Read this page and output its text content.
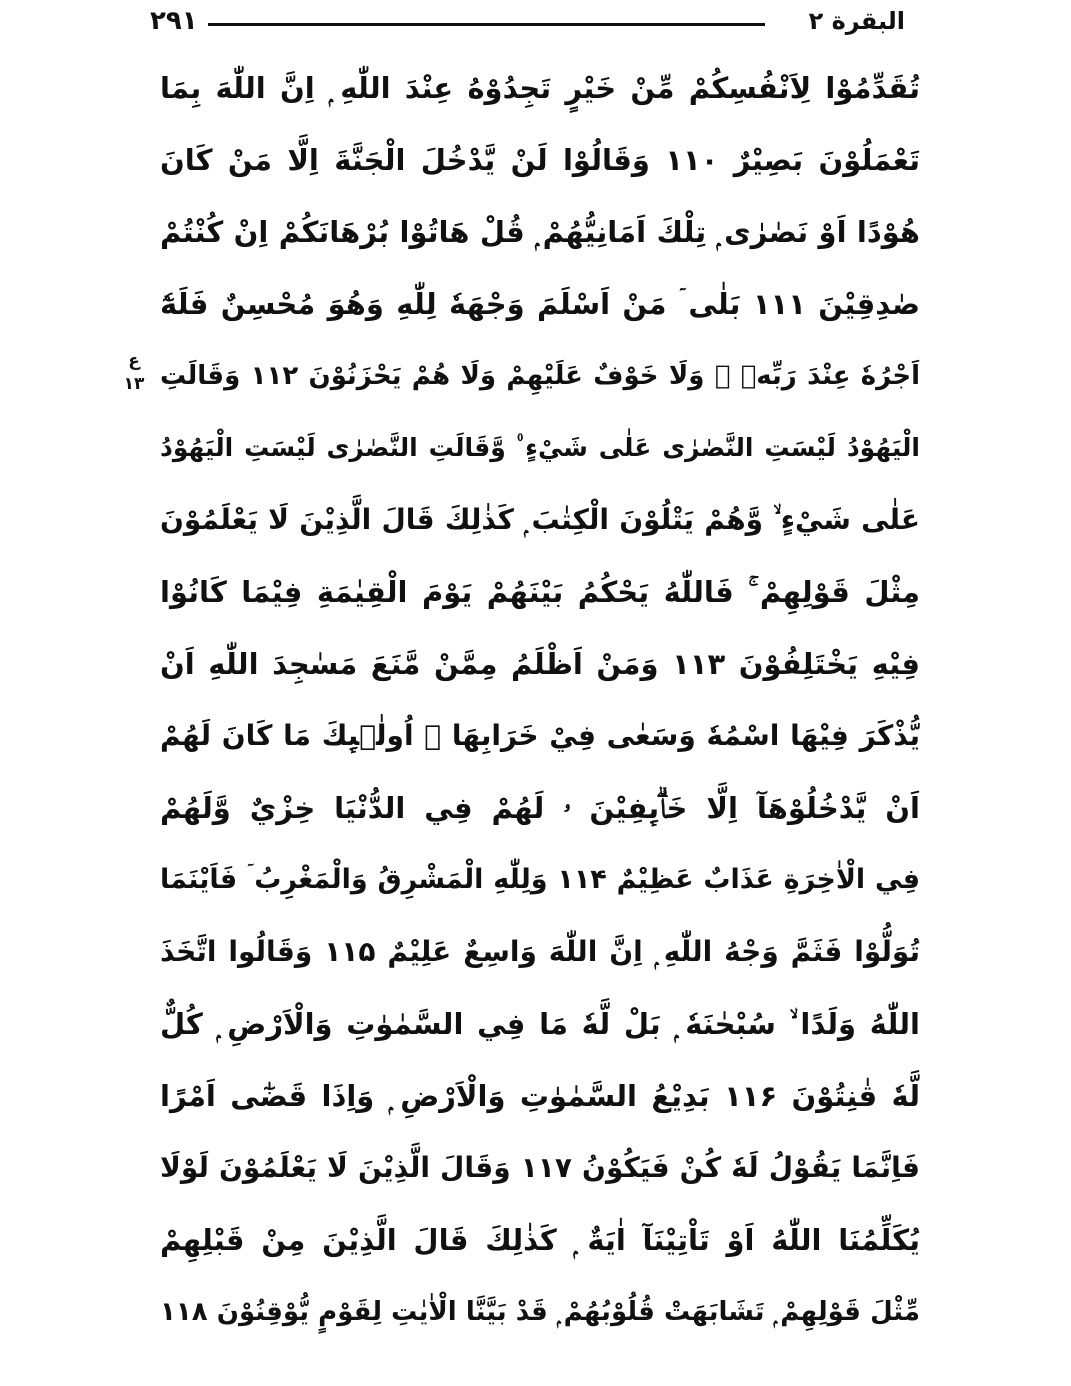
۲۹۱	البقرة ۲
ع
۱۳
تُقَدِّمُوْا لِاَنْفُسِكُمْ مِّنْ خَيْرٍ تَجِدُوْهُ عِنْدَ اللّٰهِ ۭ اِنَّ اللّٰهَ بِمَا
تَعْمَلُوْنَ بَصِيْرٌ ۱۱۰ وَقَالُوْا لَنْ يَّدْخُلَ الْجَنَّةَ اِلَّا مَنْ كَانَ
هُوْدًا اَوْ نَصٰرٰى ۭ تِلْكَ اَمَانِيُّهُمْ ۭ قُلْ هَاتُوْا بُرْهَانَكُمْ اِنْ كُنْتُمْ
صٰدِقِيْنَ ۱۱۱ بَلٰى ۤ مَنْ اَسْلَمَ وَجْهَهٗ لِلّٰهِ وَهُوَ مُحْسِنٌ فَلَهٗٓ
اَجْرُهٗ عِنْدَ رَبِّهٖ ۠ وَلَا خَوْفٌ عَلَيْهِمْ وَلَا هُمْ يَحْزَنُوْنَ ۱۱۲ وَقَالَتِ
الْيَهُوْدُ لَيْسَتِ النَّصٰرٰى عَلٰى شَيْءٍ ۠ وَّقَالَتِ النَّصٰرٰى لَيْسَتِ الْيَهُوْدُ
عَلٰى شَيْءٍ ۙ وَّهُمْ يَتْلُوْنَ الْكِتٰبَ ۭ كَذٰلِكَ قَالَ الَّذِيْنَ لَا يَعْلَمُوْنَ
مِثْلَ قَوْلِهِمْ ۚ فَاللّٰهُ يَحْكُمُ بَيْنَهُمْ يَوْمَ الْقِيٰمَةِ فِيْمَا كَانُوْا
فِيْهِ يَخْتَلِفُوْنَ ۱۱۳ وَمَنْ اَظْلَمُ مِمَّنْ مَّنَعَ مَسٰجِدَ اللّٰهِ اَنْ
يُّذْكَرَ فِيْهَا اسْمُهٗ وَسَعٰى فِيْ خَرَابِهَا ۭ اُولٰۗىِٕكَ مَا كَانَ لَهُمْ
اَنْ يَّدْخُلُوْهَآ اِلَّا خَاۗىِٕفِيْنَ ۥ لَهُمْ فِي الدُّنْيَا خِزْيٌ وَّلَهُمْ
فِي الْاٰخِرَةِ عَذَابٌ عَظِيْمٌ ۱۱۴ وَلِلّٰهِ الْمَشْرِقُ وَالْمَغْرِبُ ۤ فَاَيْنَمَا
تُوَلُّوْا فَثَمَّ وَجْهُ اللّٰهِ ۭ اِنَّ اللّٰهَ وَاسِعٌ عَلِيْمٌ ۱۱۵ وَقَالُوا اتَّخَذَ
اللّٰهُ وَلَدًا ۙ سُبْحٰنَهٗ ۭ بَلْ لَّهٗ مَا فِي السَّمٰوٰتِ وَالْاَرْضِ ۭ كُلٌّ
لَّهٗ قٰنِتُوْنَ ۱۱۶ بَدِيْعُ السَّمٰوٰتِ وَالْاَرْضِ ۭ وَاِذَا قَضٰٓى اَمْرًا
فَاِنَّمَا يَقُوْلُ لَهٗ كُنْ فَيَكُوْنُ ۱۱۷ وَقَالَ الَّذِيْنَ لَا يَعْلَمُوْنَ لَوْلَا
يُكَلِّمُنَا اللّٰهُ اَوْ تَاْتِيْنَآ اٰيَةٌ ۭ كَذٰلِكَ قَالَ الَّذِيْنَ مِنْ قَبْلِهِمْ
مِّثْلَ قَوْلِهِمْ ۭ تَشَابَهَتْ قُلُوْبُهُمْ ۭ قَدْ بَيَّنَّا الْاٰيٰتِ لِقَوْمٍ يُّوْقِنُوْنَ ۱۱۸
